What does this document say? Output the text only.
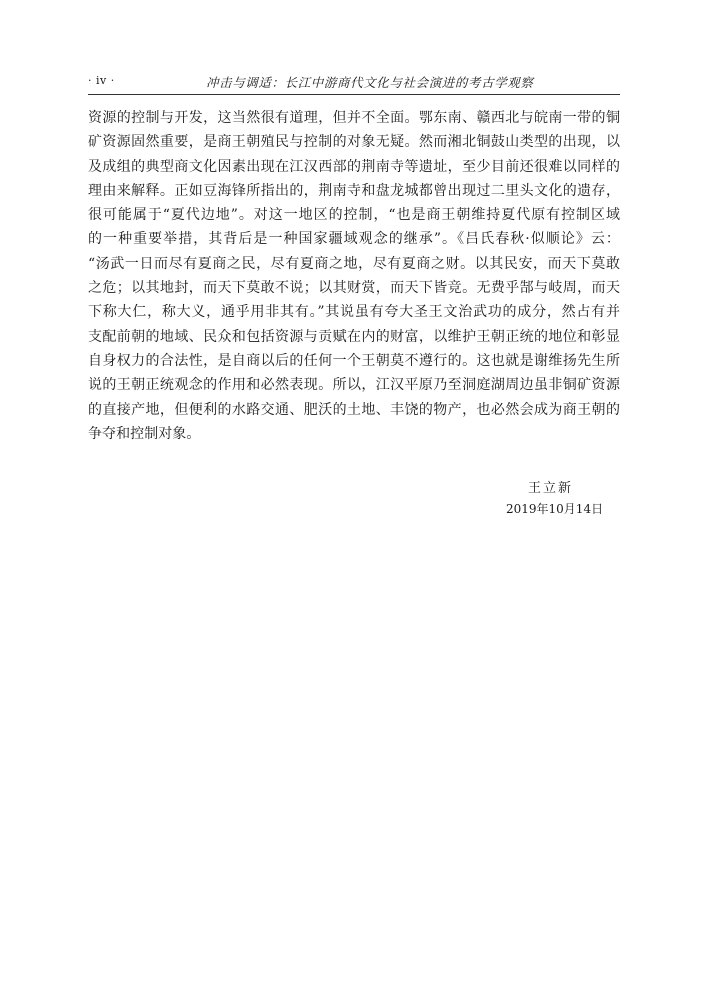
· iv ·	冲击与调适：长江中游商代文化与社会演进的考古学观察
资源的控制与开发，这当然很有道理，但并不全面。鄂东南、赣西北与皖南一带的铜
矿资源固然重要，是商王朝殖民与控制的对象无疑。然而湘北铜鼓山类型的出现，以
及成组的典型商文化因素出现在江汉西部的荆南寺等遗址，至少目前还很难以同样的
理由来解释。正如豆海锋所指出的，荆南寺和盘龙城都曾出现过二里头文化的遗存，
很可能属于“夏代边地”。对这一地区的控制，“也是商王朝维持夏代原有控制区域
的一种重要举措，其背后是一种国家疆域观念的继承”。《吕氏春秋·似顺论》云：
“汤武一日而尽有夏商之民，尽有夏商之地，尽有夏商之财。以其民安，而天下莫敢
之危；以其地封，而天下莫敢不说；以其财赏，而天下皆竞。无费乎郜与岐周，而天
下称大仁，称大义，通乎用非其有。”其说虽有夸大圣王文治武功的成分，然占有并
支配前朝的地域、民众和包括资源与贡赋在内的财富，以维护王朝正统的地位和彰显
自身权力的合法性，是自商以后的任何一个王朝莫不遵行的。这也就是谢维扬先生所
说的王朝正统观念的作用和必然表现。所以，江汉平原乃至洞庭湖周边虽非铜矿资源
的直接产地，但便利的水路交通、肥沃的土地、丰饶的物产，也必然会成为商王朝的
争夺和控制对象。
王立新
2019年10月14日
